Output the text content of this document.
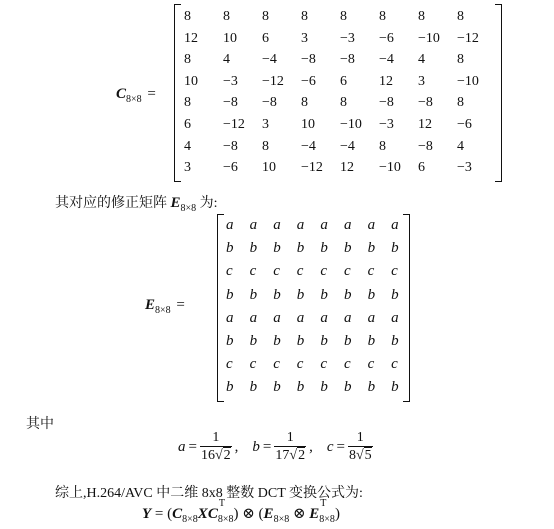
$C_{8\times 8}$ =
8	8	8	8	8	8	8	8
12	10	6	3	−3	−6	−10	−12
8	4	−4	−8	−8	−4	4	8
10	−3	−12	−6	6	12	3	−10
8	−8	−8	8	8	−8	−8	8
6	−12	3	10	−10	−3	12	−6
4	−8	8	−4	−4	8	−8	4
3	−6	10	−12	12	−10	6	−3
其对应的修正矩阵 $E_{8\times 8}$ 为:
$E_{8\times 8}$ =
a	a	a	a	a	a	a	a
b	b	b	b	b	b	b	b
c	c	c	c	c	c	c	c
b	b	b	b	b	b	b	b
a	a	a	a	a	a	a	a
b	b	b	b	b	b	b	b
c	c	c	c	c	c	c	c
b	b	b	b	b	b	b	b
其中
$a = \frac{1}{16√2}$ , $b = \frac{1}{17√2}$ , $c = \frac{1}{8√5}$
综上,H.264/AVC 中二维 8x8 整数 DCT 变换公式为:
$Y = (C_{8\times 8}XC$
T
$_{8\times 8}$) ⊗ ($E_{8\times 8}$ ⊗ E
T
$_{8\times 8}$)
